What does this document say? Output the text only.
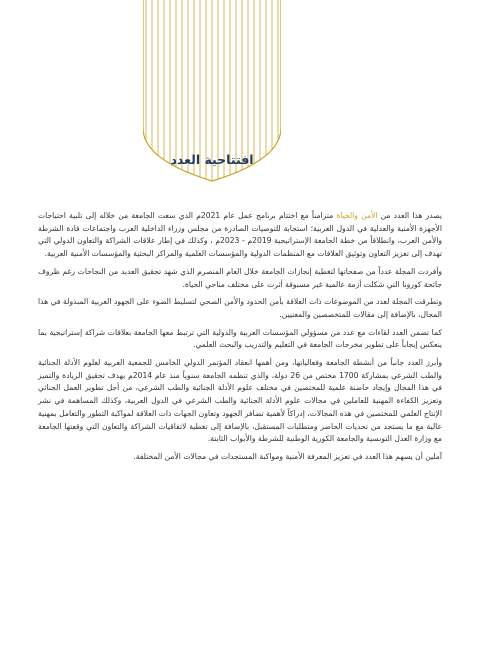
افتتاحية العدد

يصدر هذا العدد من الأمن والحياة متزامناً مع اختتام برنامج عمل عام 2021م الذي سعت الجامعة من خلاله إلى تلبية احتياجات الأجهزة الأمنية والعدلية في الدول العربية؛ استجابة للتوصيات الصادرة من مجلس وزراء الداخلية العرب واجتماعات قادة الشرطة والأمن العرب، وانطلاقاً من خطة الجامعة الإستراتيجية 2019م - 2023م ، وكذلك في إطار علاقات الشراكة والتعاون الدولي التي تهدف إلى تعزيز التعاون وتوثيق العلاقات مع المنظمات الدولية والمؤسسات العلمية والمراكز البحثية والمؤسسات الأمنية العربية.

وأفردت المجلة عدداً من صفحاتها لتغطية إنجازات الجامعة خلال العام المنصرم الذي شهد تحقيق العديد من النجاحات رغم ظروف جائحة كورونا التي شكلت أزمة عالمية غير مسبوقة أثرت على مختلف مناحي الحياة.

وتطرقت المجلة لعدد من الموضوعات ذات العلاقة بأمن الحدود والأمن الصحي لتسليط الضوء على الجهود العربية المبذولة في هذا المجال، بالإضافة إلى مقالات للمتخصصين والمعنيين.

كما تضمن العدد لقاءات مع عدد من مسؤولي المؤسسات العربية والدولية التي ترتبط معها الجامعة بعلاقات شراكة إستراتيجية بما ينعكس إيجاباً على تطوير مخرجات الجامعة في التعليم والتدريب والبحث العلمي.

وأبرز العدد جانباً من أنشطة الجامعة وفعالياتها، ومن أهمها انعقاد المؤتمر الدولي الخامس للجمعية العربية لعلوم الأدلة الجنائية والطب الشرعي بمشاركة 1700 مختص من 26 دولة، والذي تنظمه الجامعة سنوياً منذ عام 2014م بهدف تحقيق الريادة والتميز في هذا المجال وإيجاد حاضنة علمية للمختصين في مختلف علوم الأدلة الجنائية والطب الشرعي، من أجل تطوير العمل الجنائي وتعزيز الكفاءة المهنية للعاملين في مجالات علوم الأدلة الجنائية والطب الشرعي في الدول العربية، وكذلك المساهمة في نشر الإنتاج العلمي للمختصين في هذه المجالات، إدراكاً لأهمية تضافر الجهود وتعاون الجهات ذات العلاقة لمواكبة التطور والتعامل بمهنية عالية مع ما يستجد من تحديات الحاضر ومتطلبات المستقبل، بالإضافة إلى تغطية لاتفاقيات الشراكة والتعاون التي وقعتها الجامعة مع وزارة العدل التونسية والجامعة الكورية الوطنية للشرطة والأبواب الثابتة.

آملين أن يسهم هذا العدد في تعزيز المعرفة الأمنية ومواكبة المستجدات في مجالات الأمن المختلفة.
